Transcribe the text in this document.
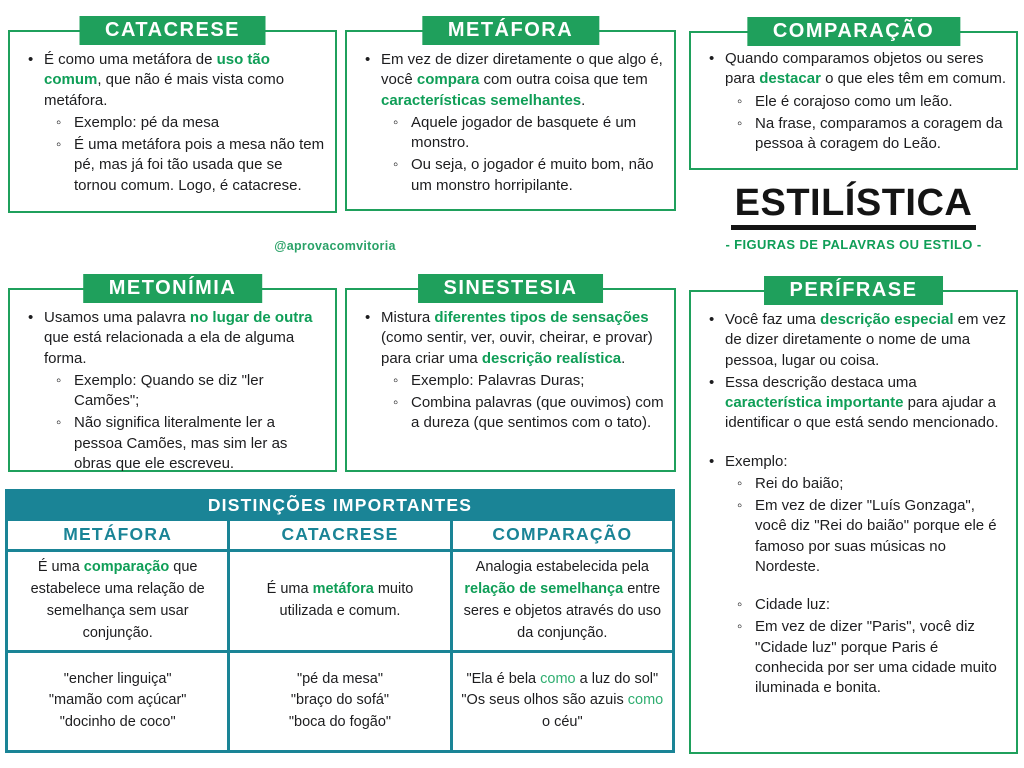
CATACRESE
• É como uma metáfora de uso tão comum, que não é mais vista como metáfora.
◦ Exemplo: pé da mesa
◦ É uma metáfora pois a mesa não tem pé, mas já foi tão usada que se tornou comum. Logo, é catacrese.
METÁFORA
• Em vez de dizer diretamente o que algo é, você compara com outra coisa que tem características semelhantes.
◦ Aquele jogador de basquete é um monstro.
◦ Ou seja, o jogador é muito bom, não um monstro horripilante.
COMPARAÇÃO
• Quando comparamos objetos ou seres para destacar o que eles têm em comum.
◦ Ele é corajoso como um leão.
◦ Na frase, comparamos a coragem da pessoa à coragem do Leão.
ESTILÍSTICA
- FIGURAS DE PALAVRAS OU ESTILO -
@aprovacomvitoria
METONÍMIA
• Usamos uma palavra no lugar de outra que está relacionada a ela de alguma forma.
◦ Exemplo: Quando se diz "ler Camões";
◦ Não significa literalmente ler a pessoa Camões, mas sim ler as obras que ele escreveu.
SINESTESIA
• Mistura diferentes tipos de sensações (como sentir, ver, ouvir, cheirar, e provar) para criar uma descrição realística.
◦ Exemplo: Palavras Duras;
◦ Combina palavras (que ouvimos) com a dureza (que sentimos com o tato).
PERÍFRASE
• Você faz uma descrição especial em vez de dizer diretamente o nome de uma pessoa, lugar ou coisa.
• Essa descrição destaca uma característica importante para ajudar a identificar o que está sendo mencionado.
• Exemplo:
◦ Rei do baião;
◦ Em vez de dizer "Luís Gonzaga", você diz "Rei do baião" porque ele é famoso por suas músicas no Nordeste.
◦ Cidade luz:
◦ Em vez de dizer "Paris", você diz "Cidade luz" porque Paris é conhecida por ser uma cidade muito iluminada e bonita.
DISTINÇÕES IMPORTANTES
METÁFORA	CATACRESE	COMPARAÇÃO
É uma comparação que estabelece uma relação de semelhança sem usar conjunção.
É uma metáfora muito utilizada e comum.
Analogia estabelecida pela relação de semelhança entre seres e objetos através do uso da conjunção.
"encher linguiça"
"mamão com açúcar"
"docinho de coco"
"pé da mesa"
"braço do sofá"
"boca do fogão"
"Ela é bela como a luz do sol"
"Os seus olhos são azuis como o céu"
